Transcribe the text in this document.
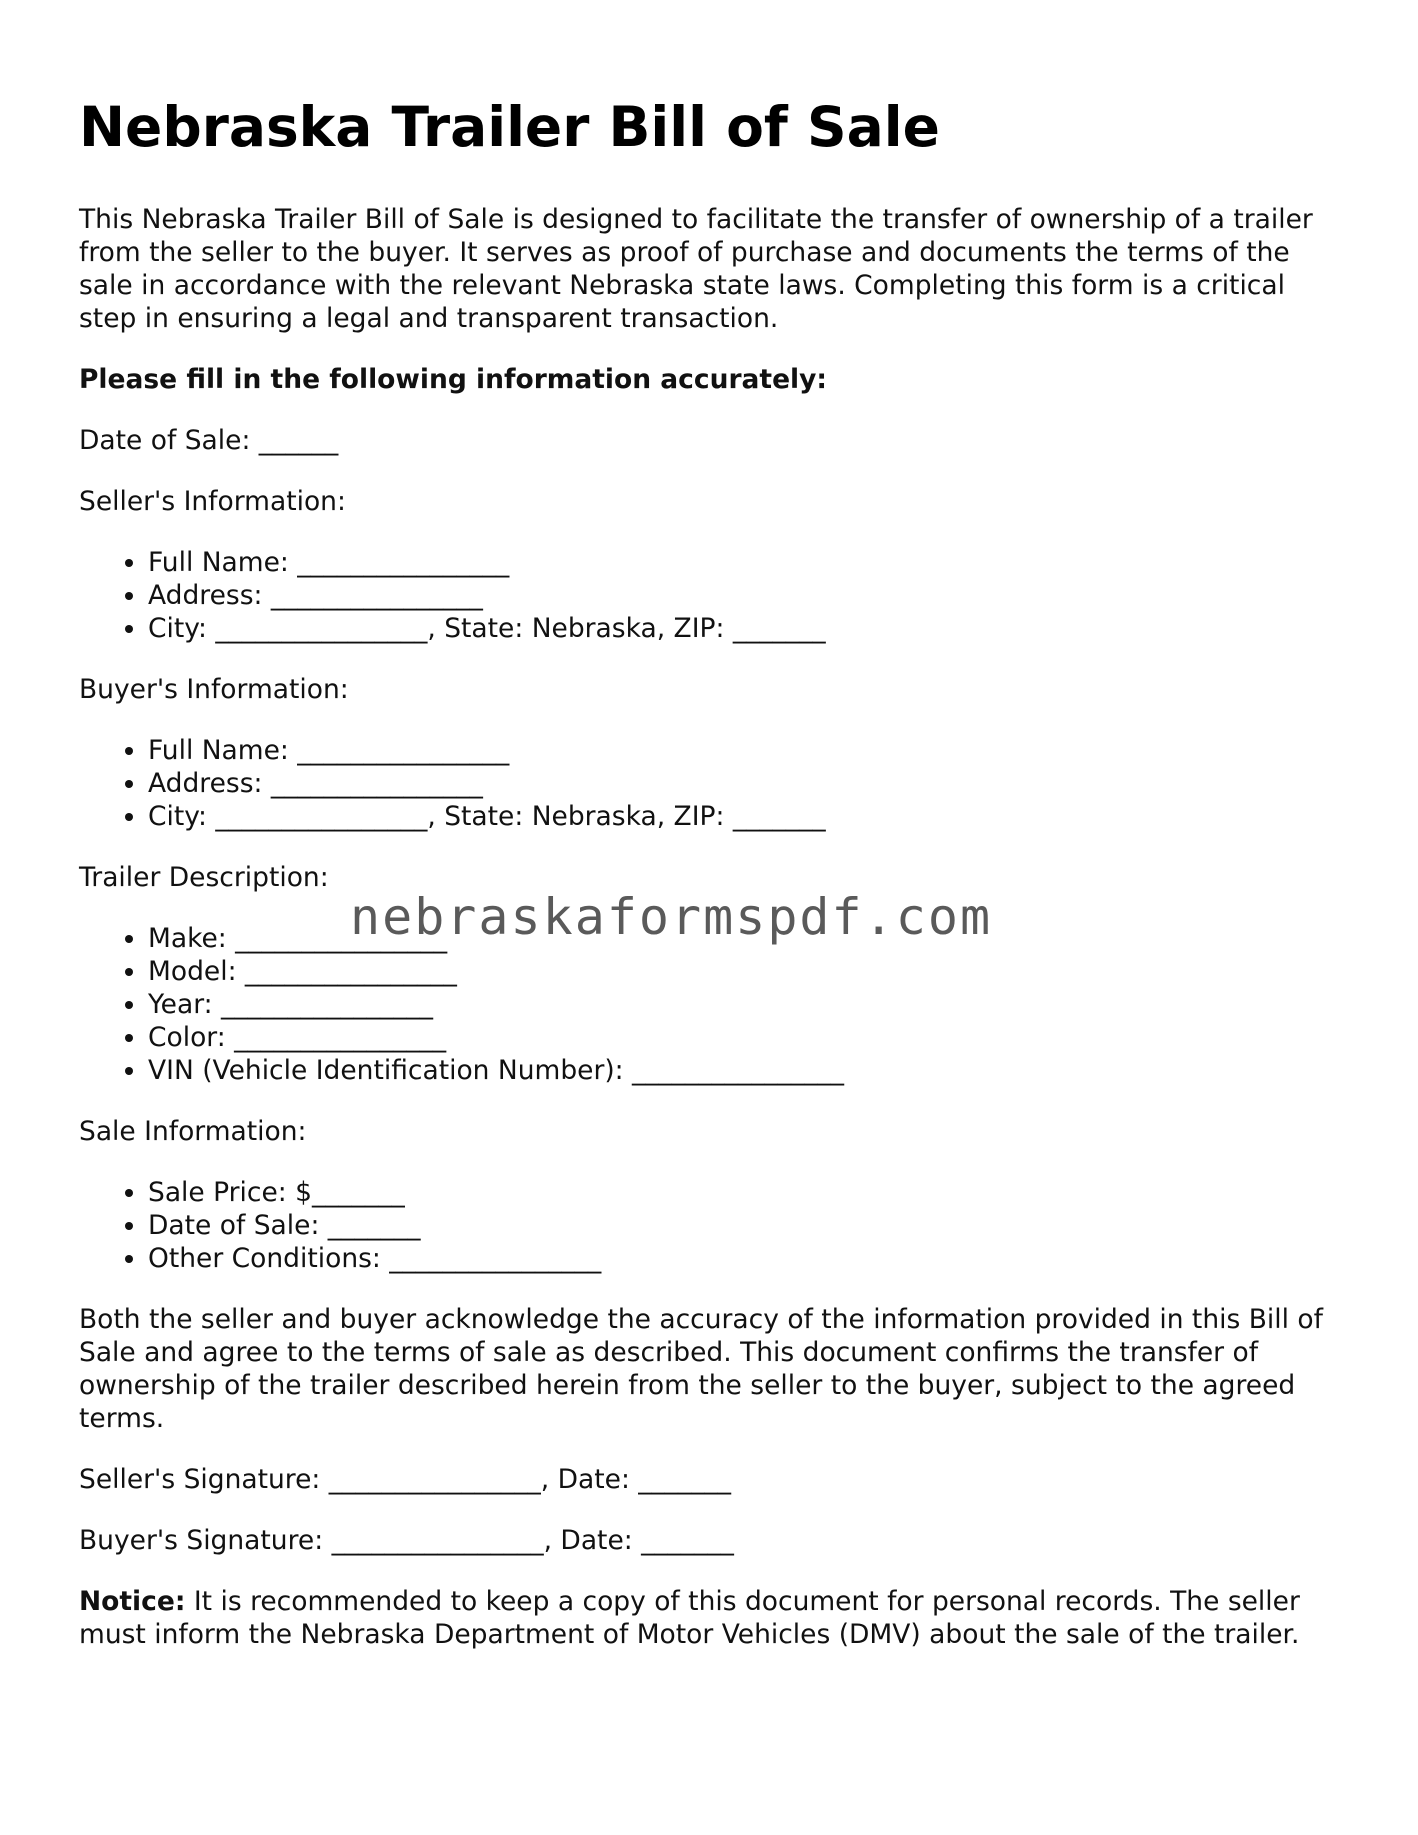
Nebraska Trailer Bill of Sale

This Nebraska Trailer Bill of Sale is designed to facilitate the transfer of ownership of a trailer from the seller to the buyer. It serves as proof of purchase and documents the terms of the sale in accordance with the relevant Nebraska state laws. Completing this form is a critical step in ensuring a legal and transparent transaction.

Please fill in the following information accurately:

Date of Sale: ______

Seller's Information:

• Full Name: ________________
• Address: ________________
• City: ________________, State: Nebraska, ZIP: _______

Buyer's Information:

• Full Name: ________________
• Address: ________________
• City: ________________, State: Nebraska, ZIP: _______

Trailer Description:

• Make: ________________
• Model: ________________
• Year: ________________
• Color: ________________
• VIN (Vehicle Identification Number): ________________

Sale Information:

• Sale Price: $_______
• Date of Sale: _______
• Other Conditions: ________________

Both the seller and buyer acknowledge the accuracy of the information provided in this Bill of Sale and agree to the terms of sale as described. This document confirms the transfer of ownership of the trailer described herein from the seller to the buyer, subject to the agreed terms.

Seller's Signature: ________________, Date: _______

Buyer's Signature: ________________, Date: _______

Notice: It is recommended to keep a copy of this document for personal records. The seller must inform the Nebraska Department of Motor Vehicles (DMV) about the sale of the trailer.

nebraskaformspdf.com
